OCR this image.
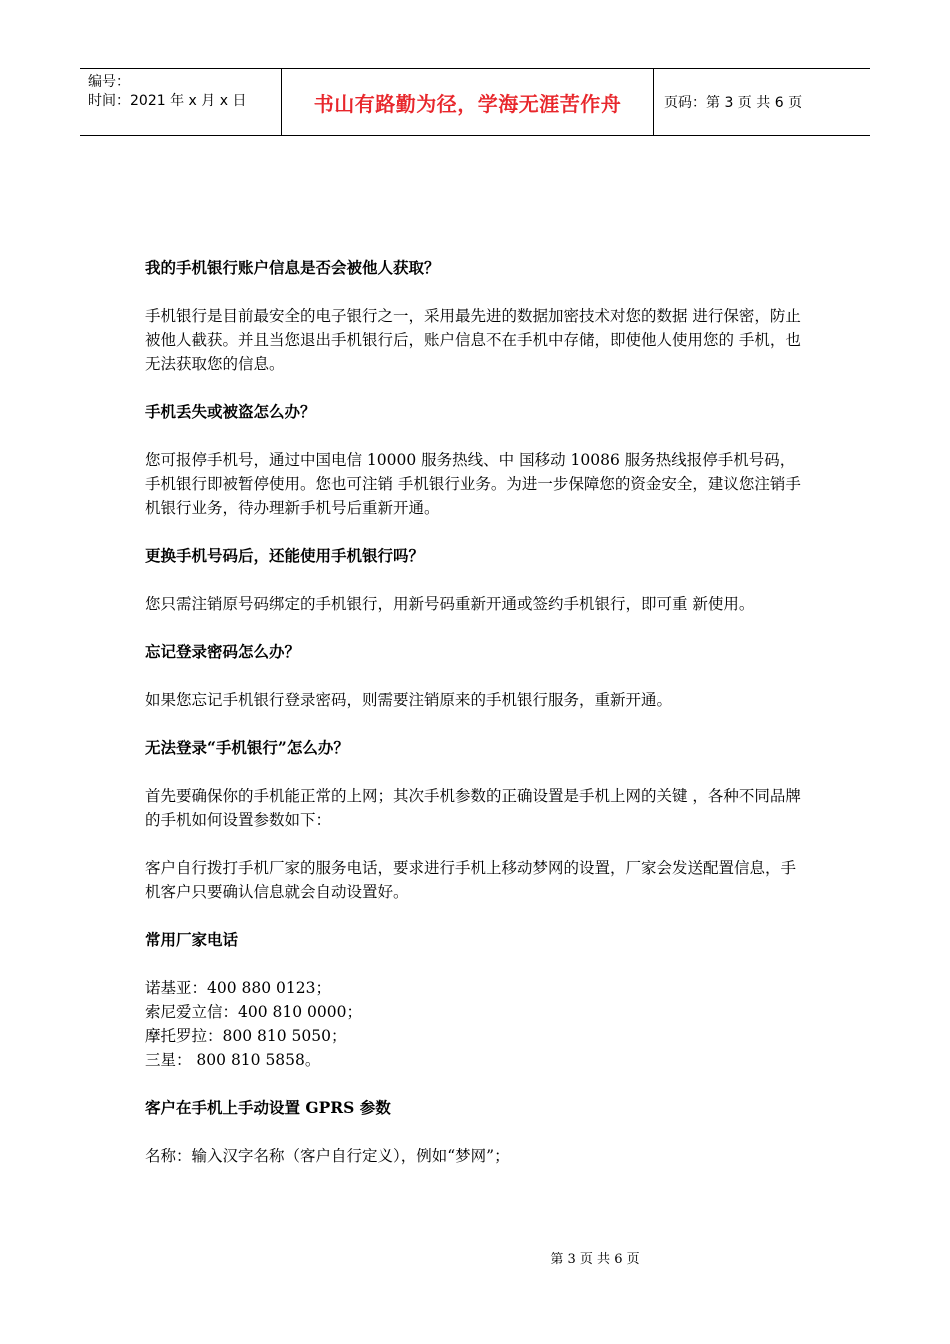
编号：
时间：2021 年 x 月 x 日	书山有路勤为径，学海无涯苦作舟	页码：第 3 页 共 6 页
我的手机银行账户信息是否会被他人获取？
手机银行是目前最安全的电子银行之一，采用最先进的数据加密技术对您的数据 进行保密，防止被他人截获。并且当您退出手机银行后，账户信息不在手机中存储，即使他人使用您的 手机，也无法获取您的信息。
手机丢失或被盗怎么办？
您可报停手机号，通过中国电信 10000 服务热线、中 国移动 10086 服务热线报停手机号码，手机银行即被暂停使用。您也可注销 手机银行业务。为进一步保障您的资金安全，建议您注销手机银行业务，待办理新手机号后重新开通。
更换手机号码后，还能使用手机银行吗？
您只需注销原号码绑定的手机银行，用新号码重新开通或签约手机银行，即可重 新使用。
忘记登录密码怎么办？
如果您忘记手机银行登录密码，则需要注销原来的手机银行服务，重新开通。
无法登录“手机银行”怎么办？
首先要确保你的手机能正常的上网；其次手机参数的正确设置是手机上网的关键 ，各种不同品牌的手机如何设置参数如下：
客户自行拨打手机厂家的服务电话，要求进行手机上移动梦网的设置，厂家会发送配置信息，手机客户只要确认信息就会自动设置好。
常用厂家电话
诺基亚：400 880 0123；
索尼爱立信：400 810 0000；
摩托罗拉：800 810 5050；
三星： 800 810 5858。
客户在手机上手动设置 GPRS 参数
名称：输入汉字名称（客户自行定义），例如“梦网”；
第 3 页 共 6 页
